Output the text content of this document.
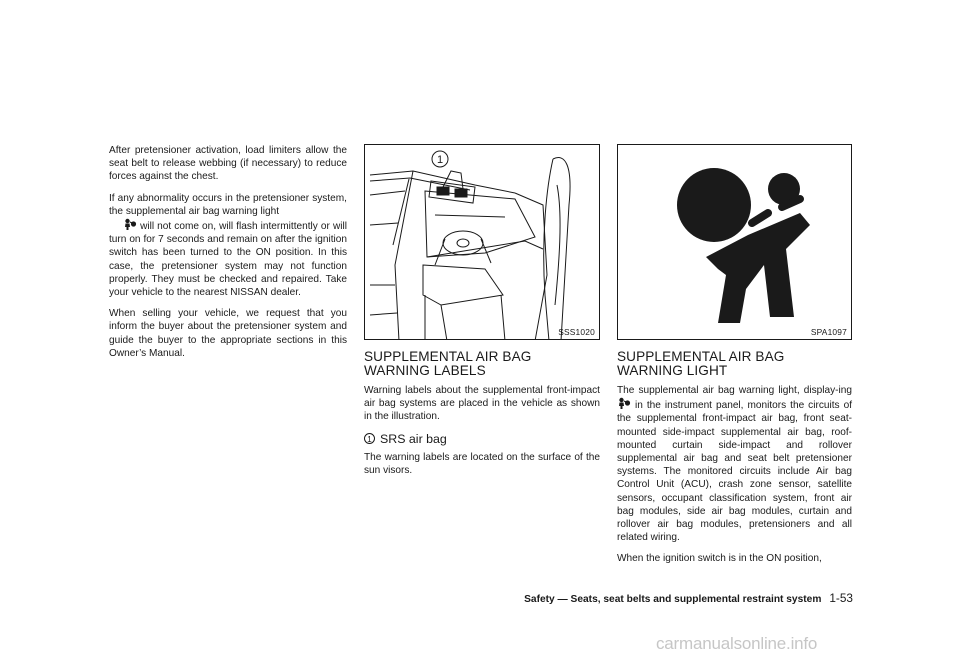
After pretensioner activation, load limiters allow the seat belt to release webbing (if necessary) to reduce forces against the chest.

If any abnormality occurs in the pretensioner system, the supplemental air bag warning light
will not come on, will flash intermittently or will turn on for 7 seconds and remain on after the ignition switch has been turned to the ON position. In this case, the pretensioner system may not function properly. They must be checked and repaired. Take your vehicle to the nearest NISSAN dealer.

When selling your vehicle, we request that you inform the buyer about the pretensioner system and guide the buyer to the appropriate sections in this Owner’s Manual.

1
SSS1020
SUPPLEMENTAL AIR BAG WARNING LABELS

Warning labels about the supplemental front-impact air bag systems are placed in the vehicle as shown in the illustration.

1 SRS air bag

The warning labels are located on the surface of the sun visors.

SPA1097
SUPPLEMENTAL AIR BAG WARNING LIGHT

The supplemental air bag warning light, display-ing  in the instrument panel, monitors the circuits of the supplemental front-impact air bag, front seat-mounted side-impact supplemental air bag, roof-mounted curtain side-impact and rollover supplemental air bag and seat belt pretensioner systems. The monitored circuits include Air bag Control Unit (ACU), crash zone sensor, satellite sensors, occupant classification system, front air bag modules, side air bag modules, curtain and rollover air bag modules, pretensioners and all related wiring.

When the ignition switch is in the ON position,

Safety — Seats, seat belts and supplemental restraint system 1-53
carmanualsonline.info
